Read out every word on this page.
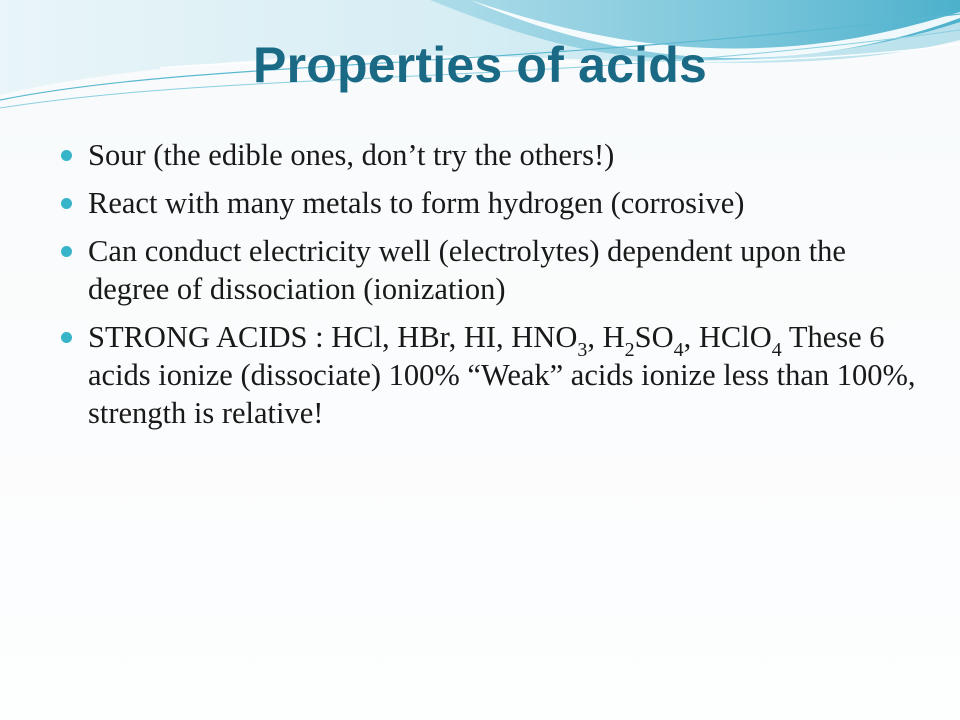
Properties of acids
Sour (the edible ones, don’t try the others!)
React with many metals to form hydrogen (corrosive)
Can conduct electricity well (electrolytes) dependent upon the degree of dissociation (ionization)
STRONG ACIDS : HCl, HBr, HI, $HNO_3$, $H_2SO_4$, HClO$_4$ These 6 acids ionize (dissociate) 100% “Weak” acids ionize less than 100%, strength is relative!
